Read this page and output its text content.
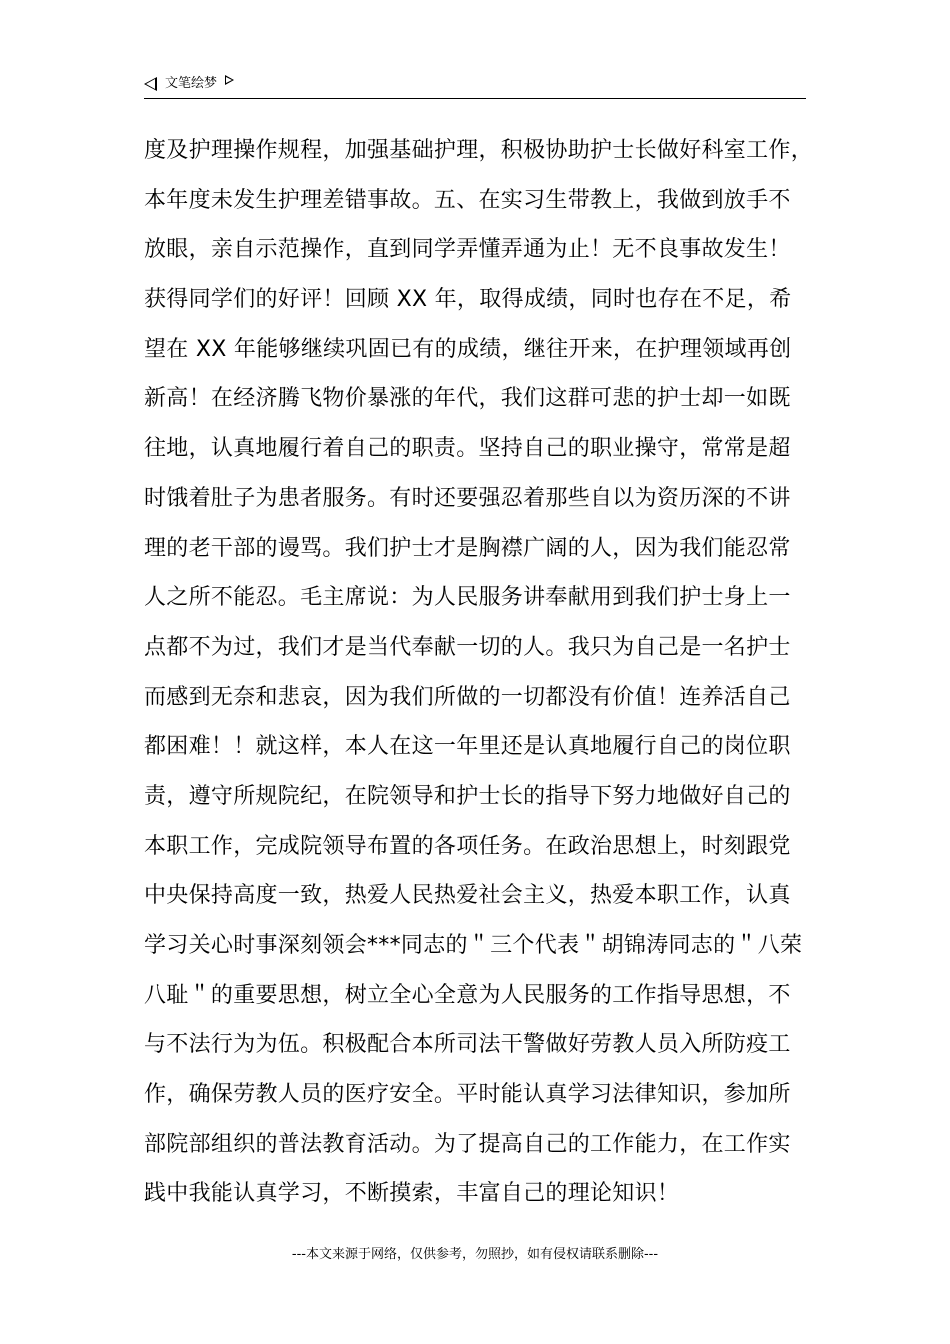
文笔绘梦
度及护理操作规程，加强基础护理，积极协助护士长做好科室工作，
本年度未发生护理差错事故。五、在实习生带教上，我做到放手不
放眼，亲自示范操作，直到同学弄懂弄通为止！无不良事故发生！
获得同学们的好评！回顾 XX 年，取得成绩，同时也存在不足，希
望在 XX 年能够继续巩固已有的成绩，继往开来，在护理领域再创
新高！在经济腾飞物价暴涨的年代，我们这群可悲的护士却一如既
往地，认真地履行着自己的职责。坚持自己的职业操守，常常是超
时饿着肚子为患者服务。有时还要强忍着那些自以为资历深的不讲
理的老干部的谩骂。我们护士才是胸襟广阔的人，因为我们能忍常
人之所不能忍。毛主席说：为人民服务讲奉献用到我们护士身上一
点都不为过，我们才是当代奉献一切的人。我只为自己是一名护士
而感到无奈和悲哀，因为我们所做的一切都没有价值！连养活自己
都困难！！就这样，本人在这一年里还是认真地履行自己的岗位职
责，遵守所规院纪，在院领导和护士长的指导下努力地做好自己的
本职工作，完成院领导布置的各项任务。在政治思想上，时刻跟党
中央保持高度一致，热爱人民热爱社会主义，热爱本职工作，认真
学习关心时事深刻领会***同志的＂三个代表＂胡锦涛同志的＂八荣
八耻＂的重要思想，树立全心全意为人民服务的工作指导思想，不
与不法行为为伍。积极配合本所司法干警做好劳教人员入所防疫工
作，确保劳教人员的医疗安全。平时能认真学习法律知识，参加所
部院部组织的普法教育活动。为了提高自己的工作能力，在工作实
践中我能认真学习，不断摸索，丰富自己的理论知识！
---本文来源于网络，仅供参考，勿照抄，如有侵权请联系删除---
